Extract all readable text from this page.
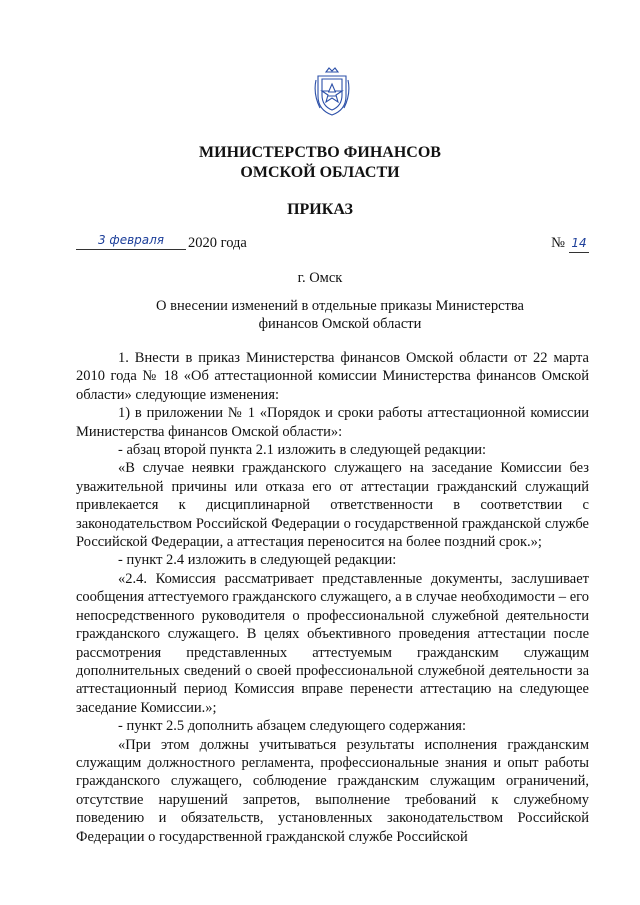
МИНИСТЕРСТВО ФИНАНСОВ
ОМСКОЙ ОБЛАСТИ
ПРИКАЗ
3 февраля	2020 года	№ 14
г. Омск
О внесении изменений в отдельные приказы Министерства
финансов Омской области

1. Внести в приказ Министерства финансов Омской области от 22 марта 2010 года № 18 «Об аттестационной комиссии Министерства финансов Омской области» следующие изменения:

1) в приложении № 1 «Порядок и сроки работы аттестационной комиссии Министерства финансов Омской области»:

- абзац второй пункта 2.1 изложить в следующей редакции:

«В случае неявки гражданского служащего на заседание Комиссии без уважительной причины или отказа его от аттестации гражданский служащий привлекается к дисциплинарной ответственности в соответствии с законодательством Российской Федерации о государственной гражданской службе Российской Федерации, а аттестация переносится на более поздний срок.»;

- пункт 2.4 изложить в следующей редакции:

«2.4. Комиссия рассматривает представленные документы, заслушивает сообщения аттестуемого гражданского служащего, а в случае необходимости – его непосредственного руководителя о профессиональной служебной деятельности гражданского служащего. В целях объективного проведения аттестации после рассмотрения представленных аттестуемым гражданским служащим дополнительных сведений о своей профессиональной служебной деятельности за аттестационный период Комиссия вправе перенести аттестацию на следующее заседание Комиссии.»;

- пункт 2.5 дополнить абзацем следующего содержания:

«При этом должны учитываться результаты исполнения гражданским служащим должностного регламента, профессиональные знания и опыт работы гражданского служащего, соблюдение гражданским служащим ограничений, отсутствие нарушений запретов, выполнение требований к служебному поведению и обязательств, установленных законодательством Российской Федерации о государственной гражданской службе Российской
